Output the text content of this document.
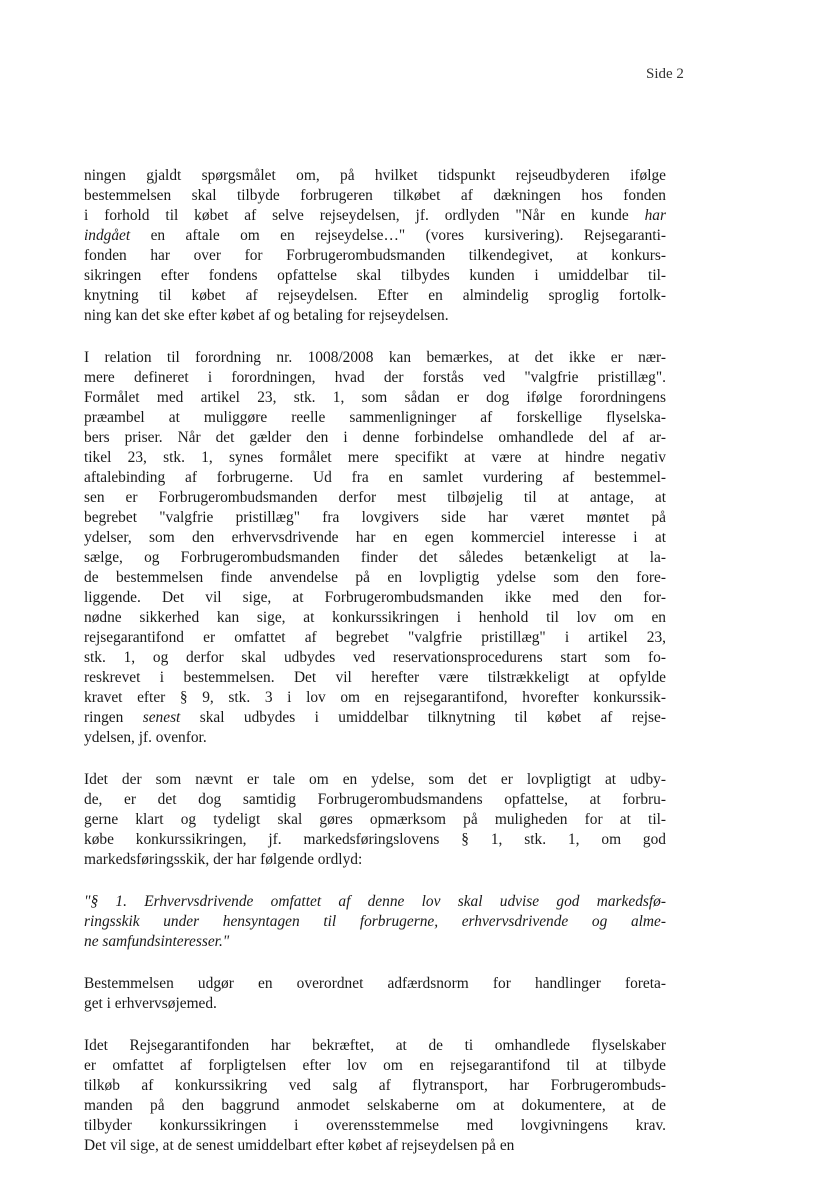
Side 2
ningen gjaldt spørgsmålet om, på hvilket tidspunkt rejseudbyderen ifølge
bestemmelsen skal tilbyde forbrugeren tilkøbet af dækningen hos fonden
i forhold til købet af selve rejseydelsen, jf. ordlyden "Når en kunde har
indgået en aftale om en rejseydelse…" (vores kursivering). Rejsegaranti-
fonden har over for Forbrugerombudsmanden tilkendegivet, at konkurs-
sikringen efter fondens opfattelse skal tilbydes kunden i umiddelbar til-
knytning til købet af rejseydelsen. Efter en almindelig sproglig fortolk-
ning kan det ske efter købet af og betaling for rejseydelsen.
I relation til forordning nr. 1008/2008 kan bemærkes, at det ikke er nær-
mere defineret i forordningen, hvad der forstås ved "valgfrie pristillæg".
Formålet med artikel 23, stk. 1, som sådan er dog ifølge forordningens
præambel at muliggøre reelle sammenligninger af forskellige flyselska-
bers priser. Når det gælder den i denne forbindelse omhandlede del af ar-
tikel 23, stk. 1, synes formålet mere specifikt at være at hindre negativ
aftalebinding af forbrugerne. Ud fra en samlet vurdering af bestemmel-
sen er Forbrugerombudsmanden derfor mest tilbøjelig til at antage, at
begrebet "valgfrie pristillæg" fra lovgivers side har været møntet på
ydelser, som den erhvervsdrivende har en egen kommerciel interesse i at
sælge, og Forbrugerombudsmanden finder det således betænkeligt at la-
de bestemmelsen finde anvendelse på en lovpligtig ydelse som den fore-
liggende. Det vil sige, at Forbrugerombudsmanden ikke med den for-
nødne sikkerhed kan sige, at konkurssikringen i henhold til lov om en
rejsegarantifond er omfattet af begrebet "valgfrie pristillæg" i artikel 23,
stk. 1, og derfor skal udbydes ved reservationsprocedurens start som fo-
reskrevet i bestemmelsen. Det vil herefter være tilstrækkeligt at opfylde
kravet efter § 9, stk. 3 i lov om en rejsegarantifond, hvorefter konkurssik-
ringen senest skal udbydes i umiddelbar tilknytning til købet af rejse-
ydelsen, jf. ovenfor.
Idet der som nævnt er tale om en ydelse, som det er lovpligtigt at udby-
de, er det dog samtidig Forbrugerombudsmandens opfattelse, at forbru-
gerne klart og tydeligt skal gøres opmærksom på muligheden for at til-
købe konkurssikringen, jf. markedsføringslovens § 1, stk. 1, om god
markedsføringsskik, der har følgende ordlyd:
"§ 1. Erhvervsdrivende omfattet af denne lov skal udvise god markedsfø-
ringsskik under hensyntagen til forbrugerne, erhvervsdrivende og alme-
ne samfundsinteresser."
Bestemmelsen udgør en overordnet adfærdsnorm for handlinger foreta-
get i erhvervsøjemed.
Idet Rejsegarantifonden har bekræftet, at de ti omhandlede flyselskaber
er omfattet af forpligtelsen efter lov om en rejsegarantifond til at tilbyde
tilkøb af konkurssikring ved salg af flytransport, har Forbrugerombuds-
manden på den baggrund anmodet selskaberne om at dokumentere, at de
tilbyder konkurssikringen i overensstemmelse med lovgivningens krav.
Det vil sige, at de senest umiddelbart efter købet af rejseydelsen på en
